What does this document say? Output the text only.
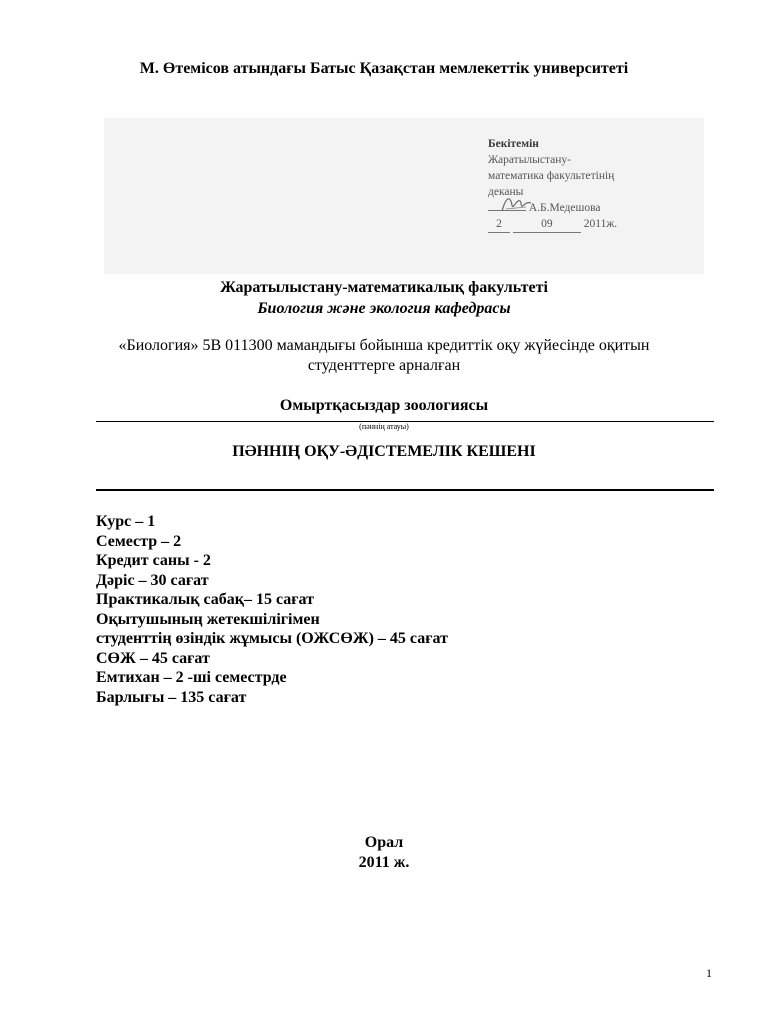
М. Өтемісов атындағы Батыс Қазақстан мемлекеттік университеті
Бекітемін
Жаратылыстану-
математика факультетінің
деканы
А.Б.Медешова
2	09	2011ж.
Жаратылыстану-математикалық факультеті
Биология және экология кафедрасы
«Биология» 5В 011300 мамандығы бойынша кредиттік оқу жүйесінде оқитын
студенттерге арналған
Омыртқасыздар зоологиясы
(пәннің атауы)
ПӘННІҢ ОҚУ-ӘДІСТЕМЕЛІК КЕШЕНІ
Курс – 1
Семестр – 2
Кредит саны - 2
Дәріс – 30 сағат
Практикалық сабақ– 15 сағат
Оқытушының жетекшілігімен
студенттің өзіндік жұмысы (ОЖСӨЖ) – 45 сағат
СӨЖ – 45 сағат
Емтихан – 2 -ші семестрде
Барлығы – 135 сағат
Орал
2011 ж.
1
